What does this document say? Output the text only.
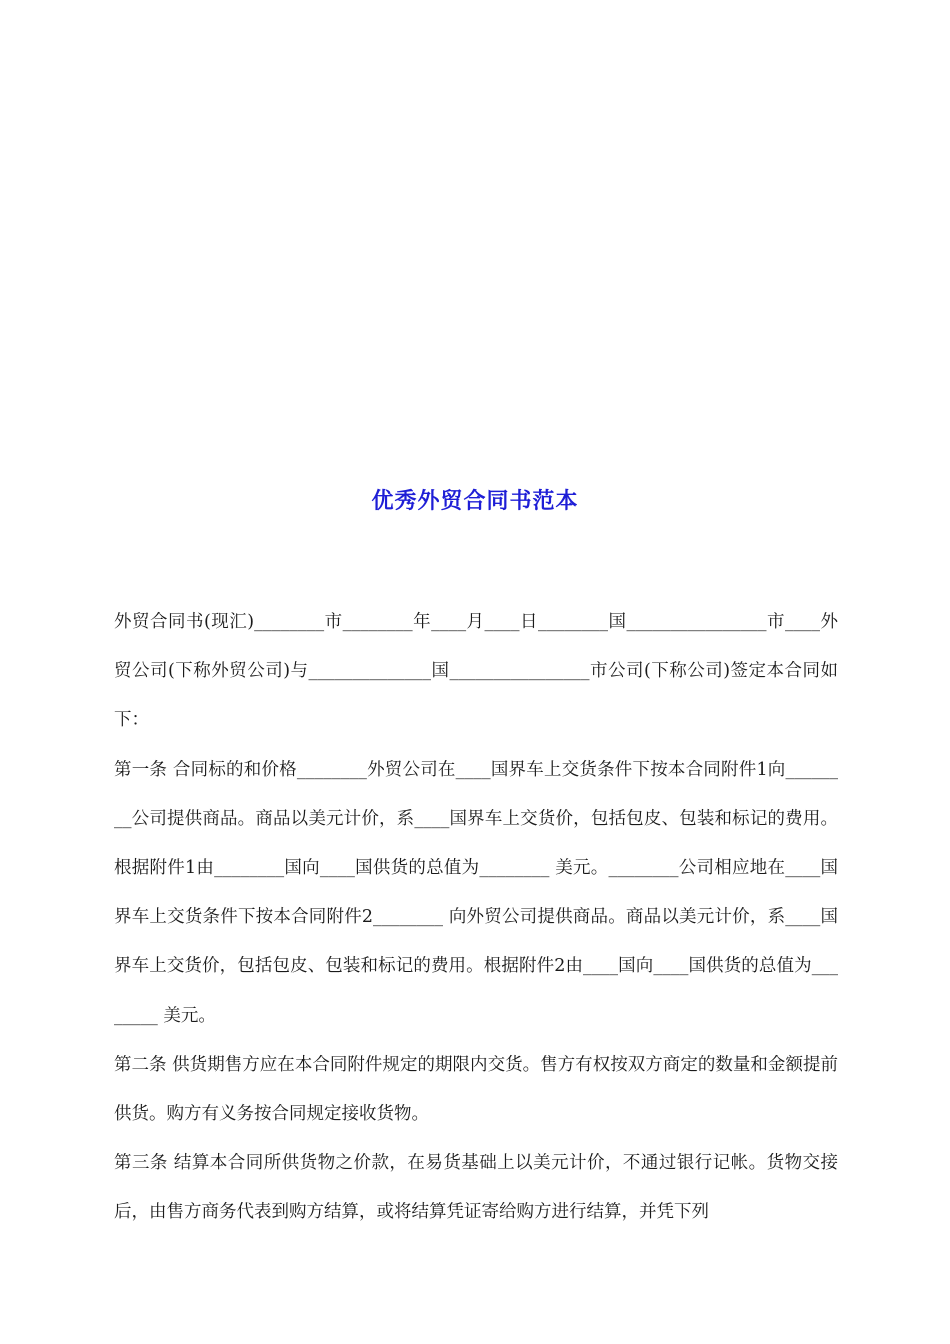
优秀外贸合同书范本

外贸合同书(现汇)________市________年____月____日________国________________市____外贸公司(下称外贸公司)与______________国________________市公司(下称公司)签定本合同如下：

第一条 合同标的和价格________外贸公司在____国界车上交货条件下按本合同附件1向________公司提供商品。商品以美元计价，系____国界车上交货价，包括包皮、包装和标记的费用。根据附件1由________国向____国供货的总值为________ 美元。________公司相应地在____国界车上交货条件下按本合同附件2________ 向外贸公司提供商品。商品以美元计价，系____国界车上交货价，包括包皮、包装和标记的费用。根据附件2由____国向____国供货的总值为________ 美元。

第二条 供货期售方应在本合同附件规定的期限内交货。售方有权按双方商定的数量和金额提前供货。购方有义务按合同规定接收货物。

第三条 结算本合同所供货物之价款，在易货基础上以美元计价，不通过银行记帐。货物交接后，由售方商务代表到购方结算，或将结算凭证寄给购方进行结算，并凭下列
